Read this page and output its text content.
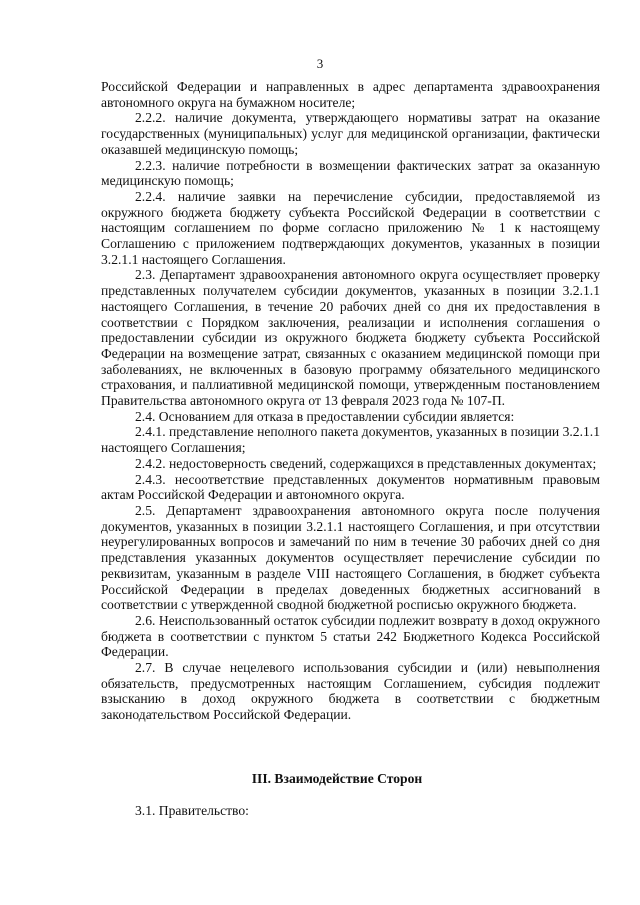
3

Российской Федерации и направленных в адрес департамента здравоохранения автономного округа на бумажном носителе;

2.2.2. наличие документа, утверждающего нормативы затрат на оказание государственных (муниципальных) услуг для медицинской организации, фактически оказавшей медицинскую помощь;

2.2.3. наличие потребности в возмещении фактических затрат за оказанную медицинскую помощь;

2.2.4. наличие заявки на перечисление субсидии, предоставляемой из окружного бюджета бюджету субъекта Российской Федерации в соответствии с настоящим соглашением по форме согласно приложению № 1 к настоящему Соглашению с приложением подтверждающих документов, указанных в позиции 3.2.1.1 настоящего Соглашения.

2.3. Департамент здравоохранения автономного округа осуществляет проверку представленных получателем субсидии документов, указанных в позиции 3.2.1.1 настоящего Соглашения, в течение 20 рабочих дней со дня их предоставления в соответствии с Порядком заключения, реализации и исполнения соглашения о предоставлении субсидии из окружного бюджета бюджету субъекта Российской Федерации на возмещение затрат, связанных с оказанием медицинской помощи при заболеваниях, не включенных в базовую программу обязательного медицинского страхования, и паллиативной медицинской помощи, утвержденным постановлением Правительства автономного округа от 13 февраля 2023 года № 107-П.

2.4. Основанием для отказа в предоставлении субсидии является:

2.4.1. представление неполного пакета документов, указанных в позиции 3.2.1.1 настоящего Соглашения;

2.4.2. недостоверность сведений, содержащихся в представленных документах;

2.4.3. несоответствие представленных документов нормативным правовым актам Российской Федерации и автономного округа.

2.5. Департамент здравоохранения автономного округа после получения документов, указанных в позиции 3.2.1.1 настоящего Соглашения, и при отсутствии неурегулированных вопросов и замечаний по ним в течение 30 рабочих дней со дня представления указанных документов осуществляет перечисление субсидии по реквизитам, указанным в разделе VIII настоящего Соглашения, в бюджет субъекта Российской Федерации в пределах доведенных бюджетных ассигнований в соответствии с утвержденной сводной бюджетной росписью окружного бюджета.

2.6. Неиспользованный остаток субсидии подлежит возврату в доход окружного бюджета в соответствии с пунктом 5 статьи 242 Бюджетного Кодекса Российской Федерации.

2.7. В случае нецелевого использования субсидии и (или) невыполнения обязательств, предусмотренных настоящим Соглашением, субсидия подлежит взысканию в доход окружного бюджета в соответствии с бюджетным законодательством Российской Федерации.

III. Взаимодействие Сторон
3.1. Правительство:
